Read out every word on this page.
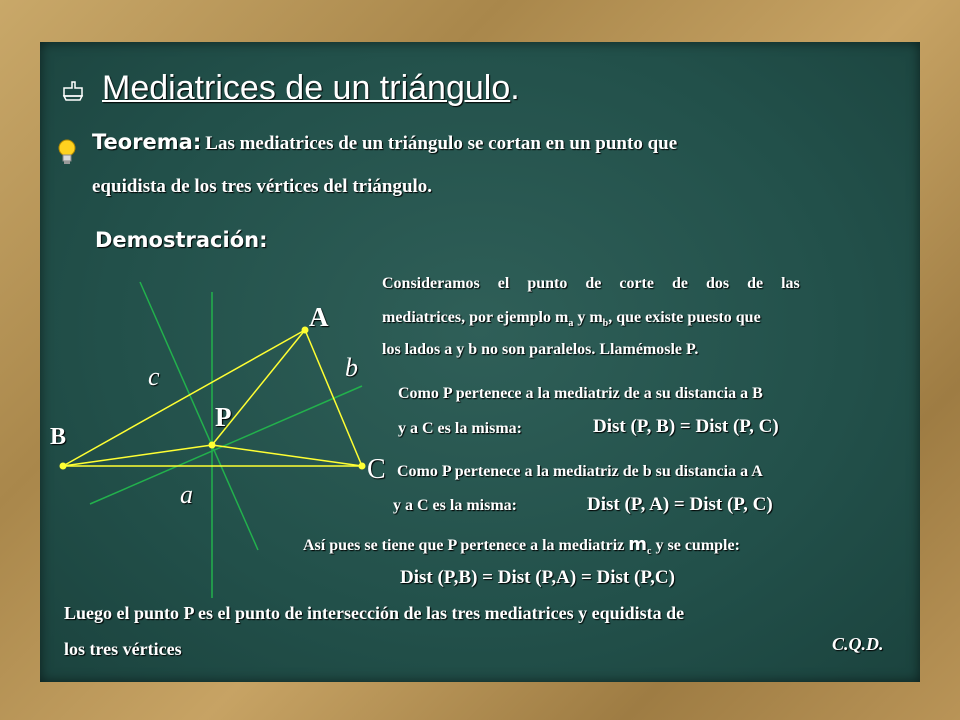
Mediatrices de un triángulo.
Teorema: Las mediatrices de un triángulo se cortan en un punto que
equidista de los tres vértices del triángulo.
Demostración:
A
B
C
P
a
b
c
Consideramos el punto de corte de dos de las
mediatrices, por ejemplo $m_a$ y $m_b$, que existe puesto que
los lados a y b no son paralelos. Llamémosle P.
Como P pertenece a la mediatriz de a su distancia a B
y a C es la misma:	Dist (P, B) = Dist (P, C)
Como P pertenece a la mediatriz de b su distancia a A
y a C es la misma:	Dist (P, A) = Dist (P, C)
Así pues se tiene que P pertenece a la mediatriz $m_c$ y se cumple:
Dist (P,B) = Dist (P,A) = Dist (P,C)
Luego el punto P es el punto de intersección de las tres mediatrices y equidista de
los tres vértices	C.Q.D.
